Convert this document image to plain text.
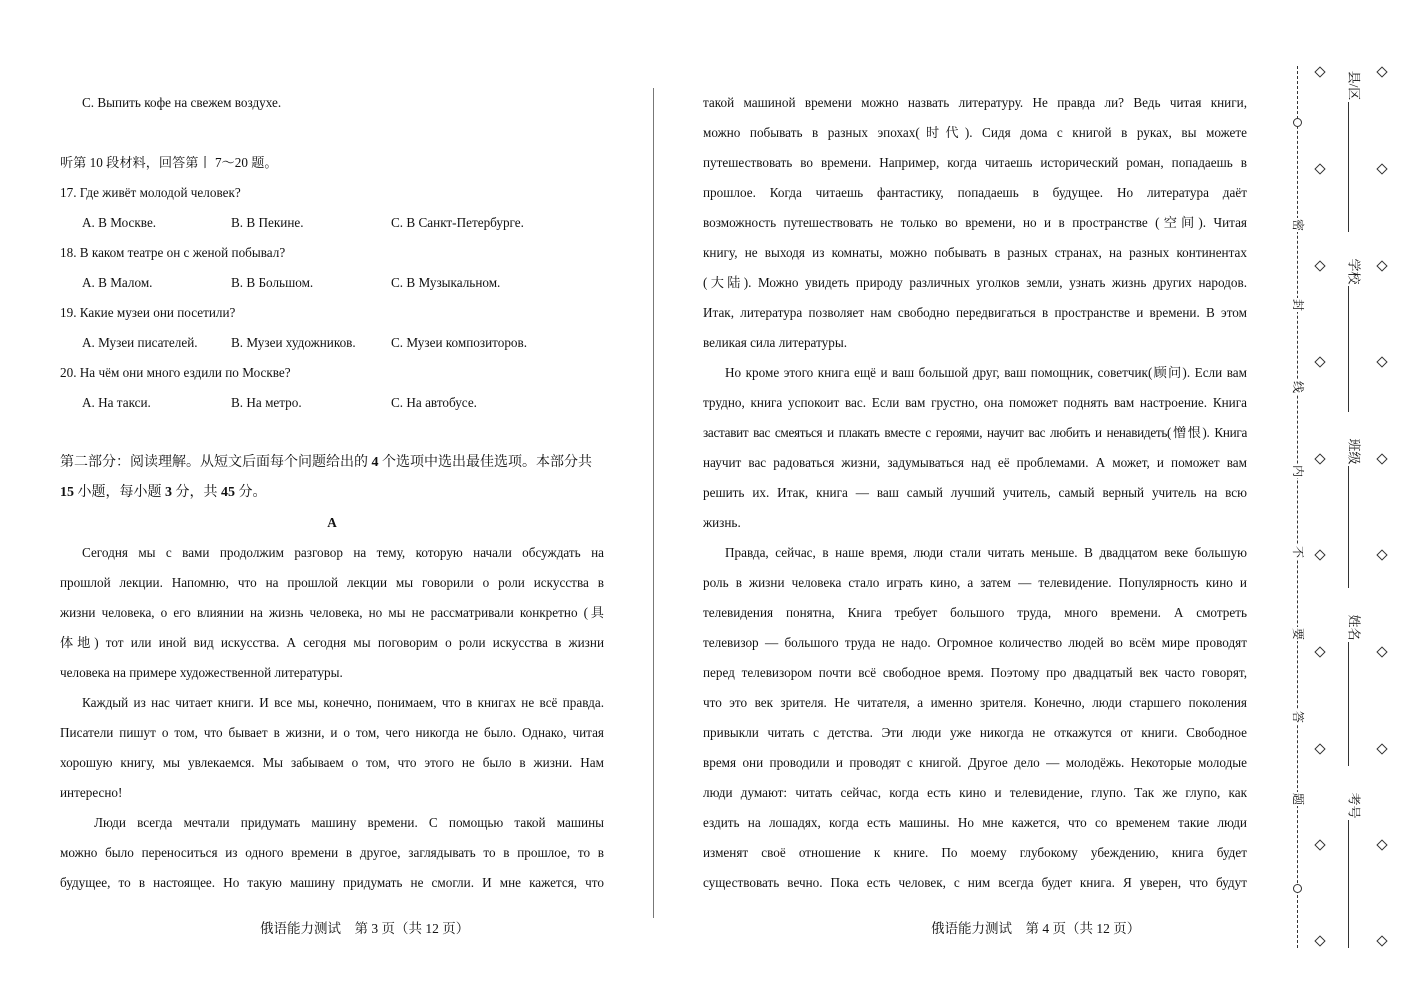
C. Выпить кофе на свежем воздухе.
听第 10 段材料，回答第丨 7～20 题。
17. Где живёт молодой человек?
A. В Москве.	B. В Пекине.	C. В Санкт-Петербурге.
18. В каком театре он с женой побывал?
A. В Малом.	B. В Большом.	C. В Музыкальном.
19. Какие музеи они посетили?
A. Музеи писателей.	B. Музеи художников.	C. Музеи композиторов.
20. На чём они много ездили по Москве?
A. На такси.	B. На метро.	C. На автобусе.
第二部分：阅读理解。从短文后面每个问题给出的 4 个选项中选出最佳选项。本部分共
15 小题，每小题 3 分，共 45 分。
A
Сегодня мы с вами продолжим разговор на тему, которую начали обсуждать на
прошлой лекции. Напомню, что на прошлой лекции мы говорили о роли искусства в
жизни человека, о его влиянии на жизнь человека, но мы не рассматривали конкретно (具
体地) тот или иной вид искусства. А сегодня мы поговорим о роли искусства в жизни
человека на примере художественной литературы.
Каждый из нас читает книги. И все мы, конечно, понимаем, что в книгах не всё правда.
Писатели пишут о том, что бывает в жизни, и о том, чего никогда не было. Однако, читая
хорошую книгу, мы увлекаемся. Мы забываем о том, что этого не было в жизни. Нам
интересно!
Люди всегда мечтали придумать машину времени. С помощью такой машины
можно было переноситься из одного времени в другое, заглядывать то в прошлое, то в
будущее, то в настоящее. Но такую машину придумать не смогли. И мне кажется, что
такой машиной времени можно назвать литературу. Не правда ли? Ведь читая книги,
можно побывать в разных эпохах(时代). Сидя дома с книгой в руках, вы можете
путешествовать во времени. Например, когда читаешь исторический роман, попадаешь в
прошлое. Когда читаешь фантастику, попадаешь в будущее. Но литература даёт
возможность путешествовать не только во времени, но и в пространстве (空间). Читая
книгу, не выходя из комнаты, можно побывать в разных странах, на разных континентах
(大陆). Можно увидеть природу различных уголков земли, узнать жизнь других народов.
Итак, литература позволяет нам свободно передвигаться в пространстве и времени. В этом
великая сила литературы.
Но кроме этого книга ещё и ваш большой друг, ваш помощник, советчик(顾问). Если вам
трудно, книга успокоит вас. Если вам грустно, она поможет поднять вам настроение. Книга
заставит вас смеяться и плакать вместе с героями, научит вас любить и ненавидеть(憎恨). Книга
научит вас радоваться жизни, задумываться над её проблемами. А может, и поможет вам
решить их. Итак, книга — ваш самый лучший учитель, самый верный учитель на всю
жизнь.
Правда, сейчас, в наше время, люди стали читать меньше. В двадцатом веке большую
роль в жизни человека стало играть кино, а затем — телевидение. Популярность кино и
телевидения понятна, Книга требует большого труда, много времени. А смотреть
телевизор — большого труда не надо. Огромное количество людей во всём мире проводят
перед телевизором почти всё свободное время. Поэтому про двадцатый век часто говорят,
что это век зрителя. Не читателя, а именно зрителя. Конечно, люди старшего поколения
привыкли читать с детства. Эти люди уже никогда не откажутся от книги. Свободное
время они проводили и проводят с книгой. Другое дело — молодёжь. Некоторые молодые
люди думают: читать сейчас, когда есть кино и телевидение, глупо. Так же глупо, как
ездить на лошадях, когда есть машины. Но мне кажется, что со временем такие люди
изменят своё отношение к книге. По моему глубокому убеждению, книга будет
существовать вечно. Пока есть человек, с ним всегда будет книга. Я уверен, что будут
俄语能力测试　第 3 页（共 12 页）	俄语能力测试　第 4 页（共 12 页）
密
封
线
内
不
要
答
题
县/区
学校
班级
姓名
考号
